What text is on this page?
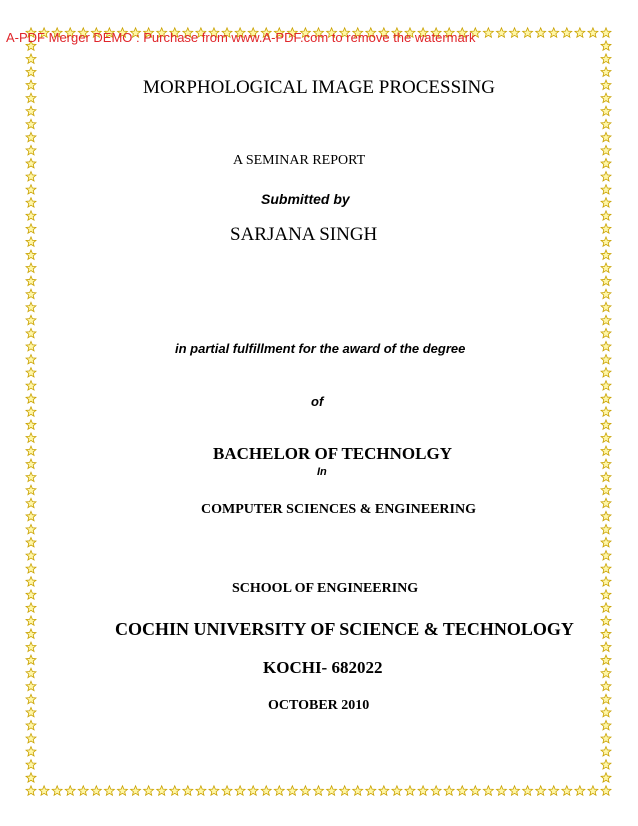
A-PDF Merger DEMO : Purchase from www.A-PDF.com to remove the watermark
MORPHOLOGICAL IMAGE PROCESSING
A SEMINAR REPORT
Submitted by
SARJANA SINGH
in partial fulfillment for the award of the degree
of
BACHELOR OF TECHNOLGY
In
COMPUTER SCIENCES & ENGINEERING
SCHOOL OF ENGINEERING
COCHIN UNIVERSITY OF SCIENCE & TECHNOLOGY
KOCHI- 682022
OCTOBER 2010
